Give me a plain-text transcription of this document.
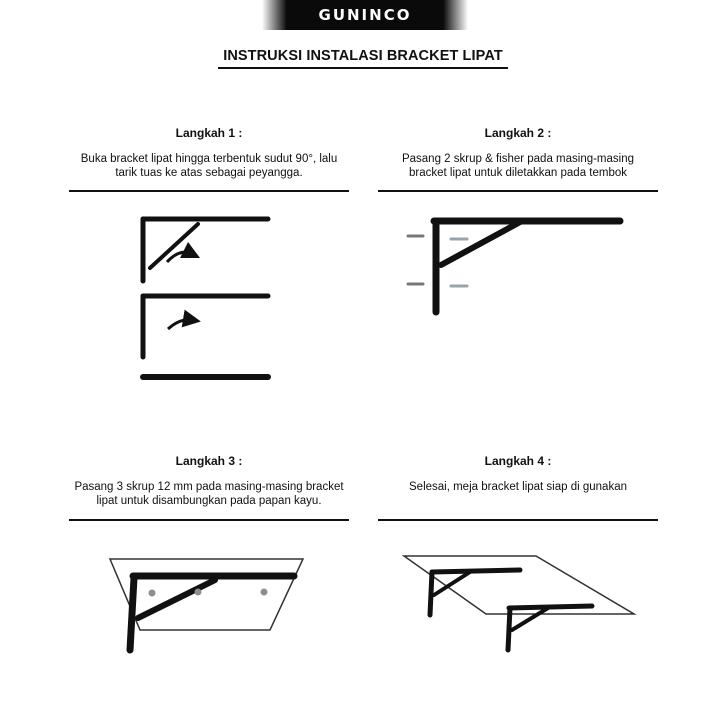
GUNINCO
INSTRUKSI INSTALASI BRACKET LIPAT
Langkah 1 :
Buka bracket lipat hingga terbentuk sudut 90°, lalu
tarik tuas ke atas sebagai peyangga.
Langkah 2 :
Pasang 2 skrup & fisher pada masing-masing
bracket lipat untuk diletakkan pada tembok
Langkah 3 :
Pasang 3 skrup 12 mm pada masing-masing bracket
lipat untuk disambungkan pada papan kayu.
Langkah 4 :
Selesai, meja bracket lipat siap di gunakan
